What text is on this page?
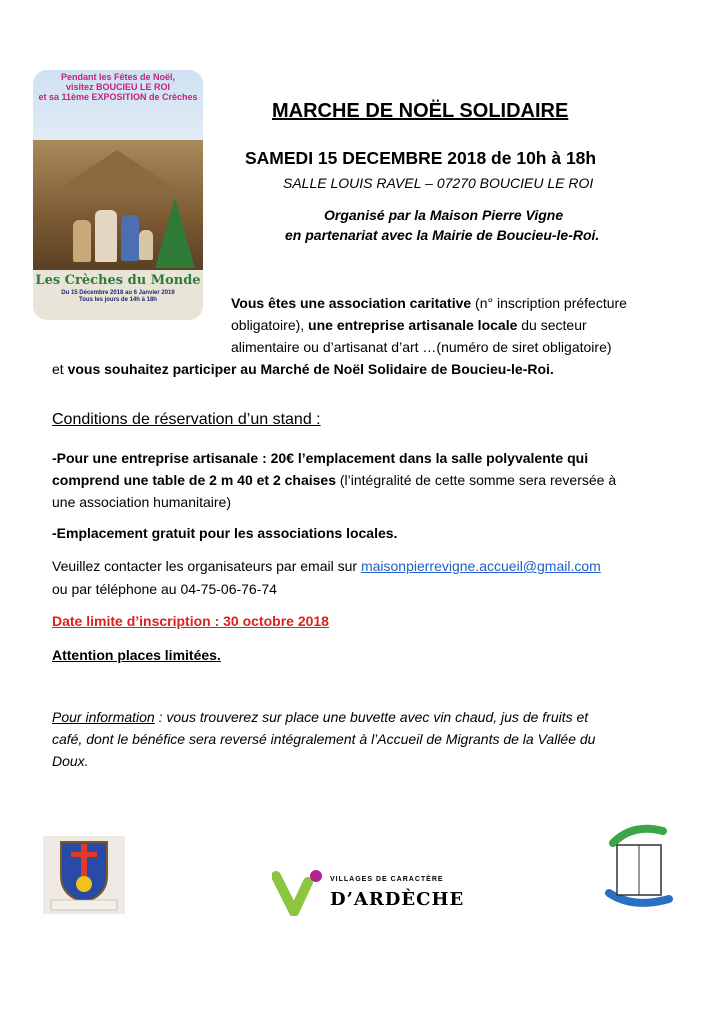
Pendant les Fêtes de Noël,
visitez BOUCIEU LE ROI
et sa 11ème EXPOSITION de Crèches
Les Crèches du Monde
Du 15 Décembre 2018 au 6 Janvier 2019
Tous les jours de 14h à 18h
MARCHE DE NOËL SOLIDAIRE
SAMEDI 15 DECEMBRE 2018 de 10h à 18h
SALLE LOUIS RAVEL – 07270 BOUCIEU LE ROI
Organisé par la Maison Pierre Vigne
en partenariat avec la Mairie de Boucieu-le-Roi.
Vous êtes une association caritative (n° inscription préfecture
obligatoire), une entreprise artisanale locale du secteur
alimentaire ou d’artisanat d’art …(numéro de siret obligatoire)
et vous souhaitez participer au Marché de Noël Solidaire de Boucieu-le-Roi.
Conditions de réservation d’un stand :
-Pour une entreprise artisanale : 20€ l’emplacement dans la salle polyvalente qui
comprend une table de 2 m 40 et 2 chaises (l’intégralité de cette somme sera reversée à
une association humanitaire)
-Emplacement gratuit pour les associations locales.
Veuillez contacter les organisateurs par email sur maisonpierrevigne.accueil@gmail.com
ou par téléphone au 04-75-06-76-74
Date limite d’inscription : 30 octobre 2018
Attention places limitées.
Pour information : vous trouverez sur place une buvette avec vin chaud, jus de fruits et
café, dont le bénéfice sera reversé intégralement à l’Accueil de Migrants de la Vallée du
Doux.
VILLAGES DE CARACTÈRE
D’ARDÈCHE
